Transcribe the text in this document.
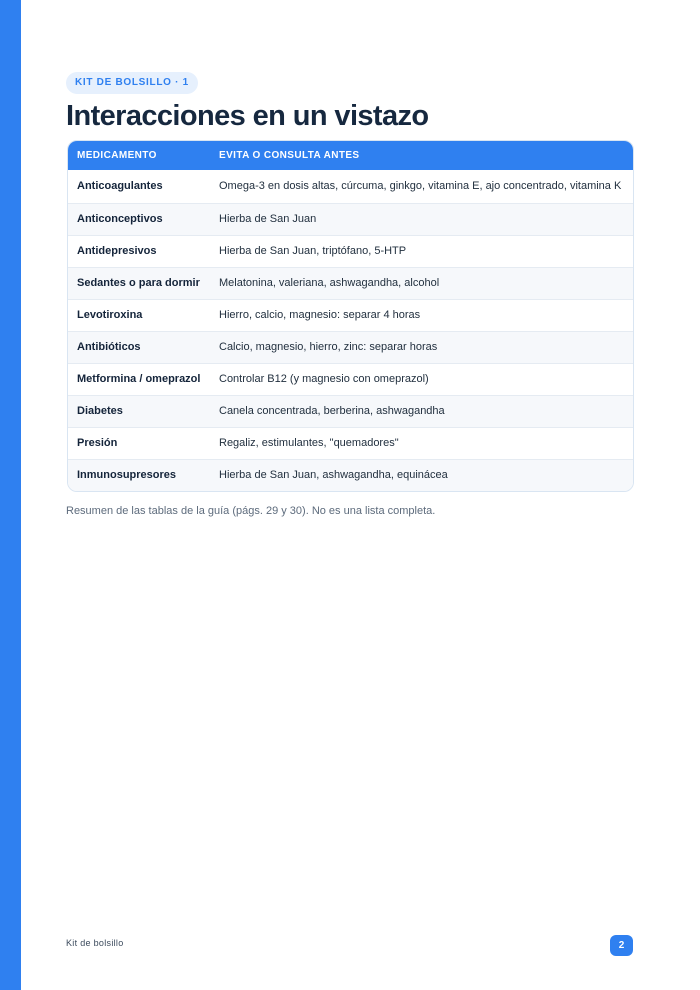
KIT DE BOLSILLO · 1
Interacciones en un vistazo
MEDICAMENTO	EVITA O CONSULTA ANTES
Anticoagulantes	Omega-3 en dosis altas, cúrcuma, ginkgo, vitamina E, ajo concentrado, vitamina K
Anticonceptivos	Hierba de San Juan
Antidepresivos	Hierba de San Juan, triptófano, 5-HTP
Sedantes o para dormir	Melatonina, valeriana, ashwagandha, alcohol
Levotiroxina	Hierro, calcio, magnesio: separar 4 horas
Antibióticos	Calcio, magnesio, hierro, zinc: separar horas
Metformina / omeprazol	Controlar B12 (y magnesio con omeprazol)
Diabetes	Canela concentrada, berberina, ashwagandha
Presión	Regaliz, estimulantes, "quemadores"
Inmunosupresores	Hierba de San Juan, ashwagandha, equinácea
Resumen de las tablas de la guía (págs. 29 y 30). No es una lista completa.
Kit de bolsillo	2
